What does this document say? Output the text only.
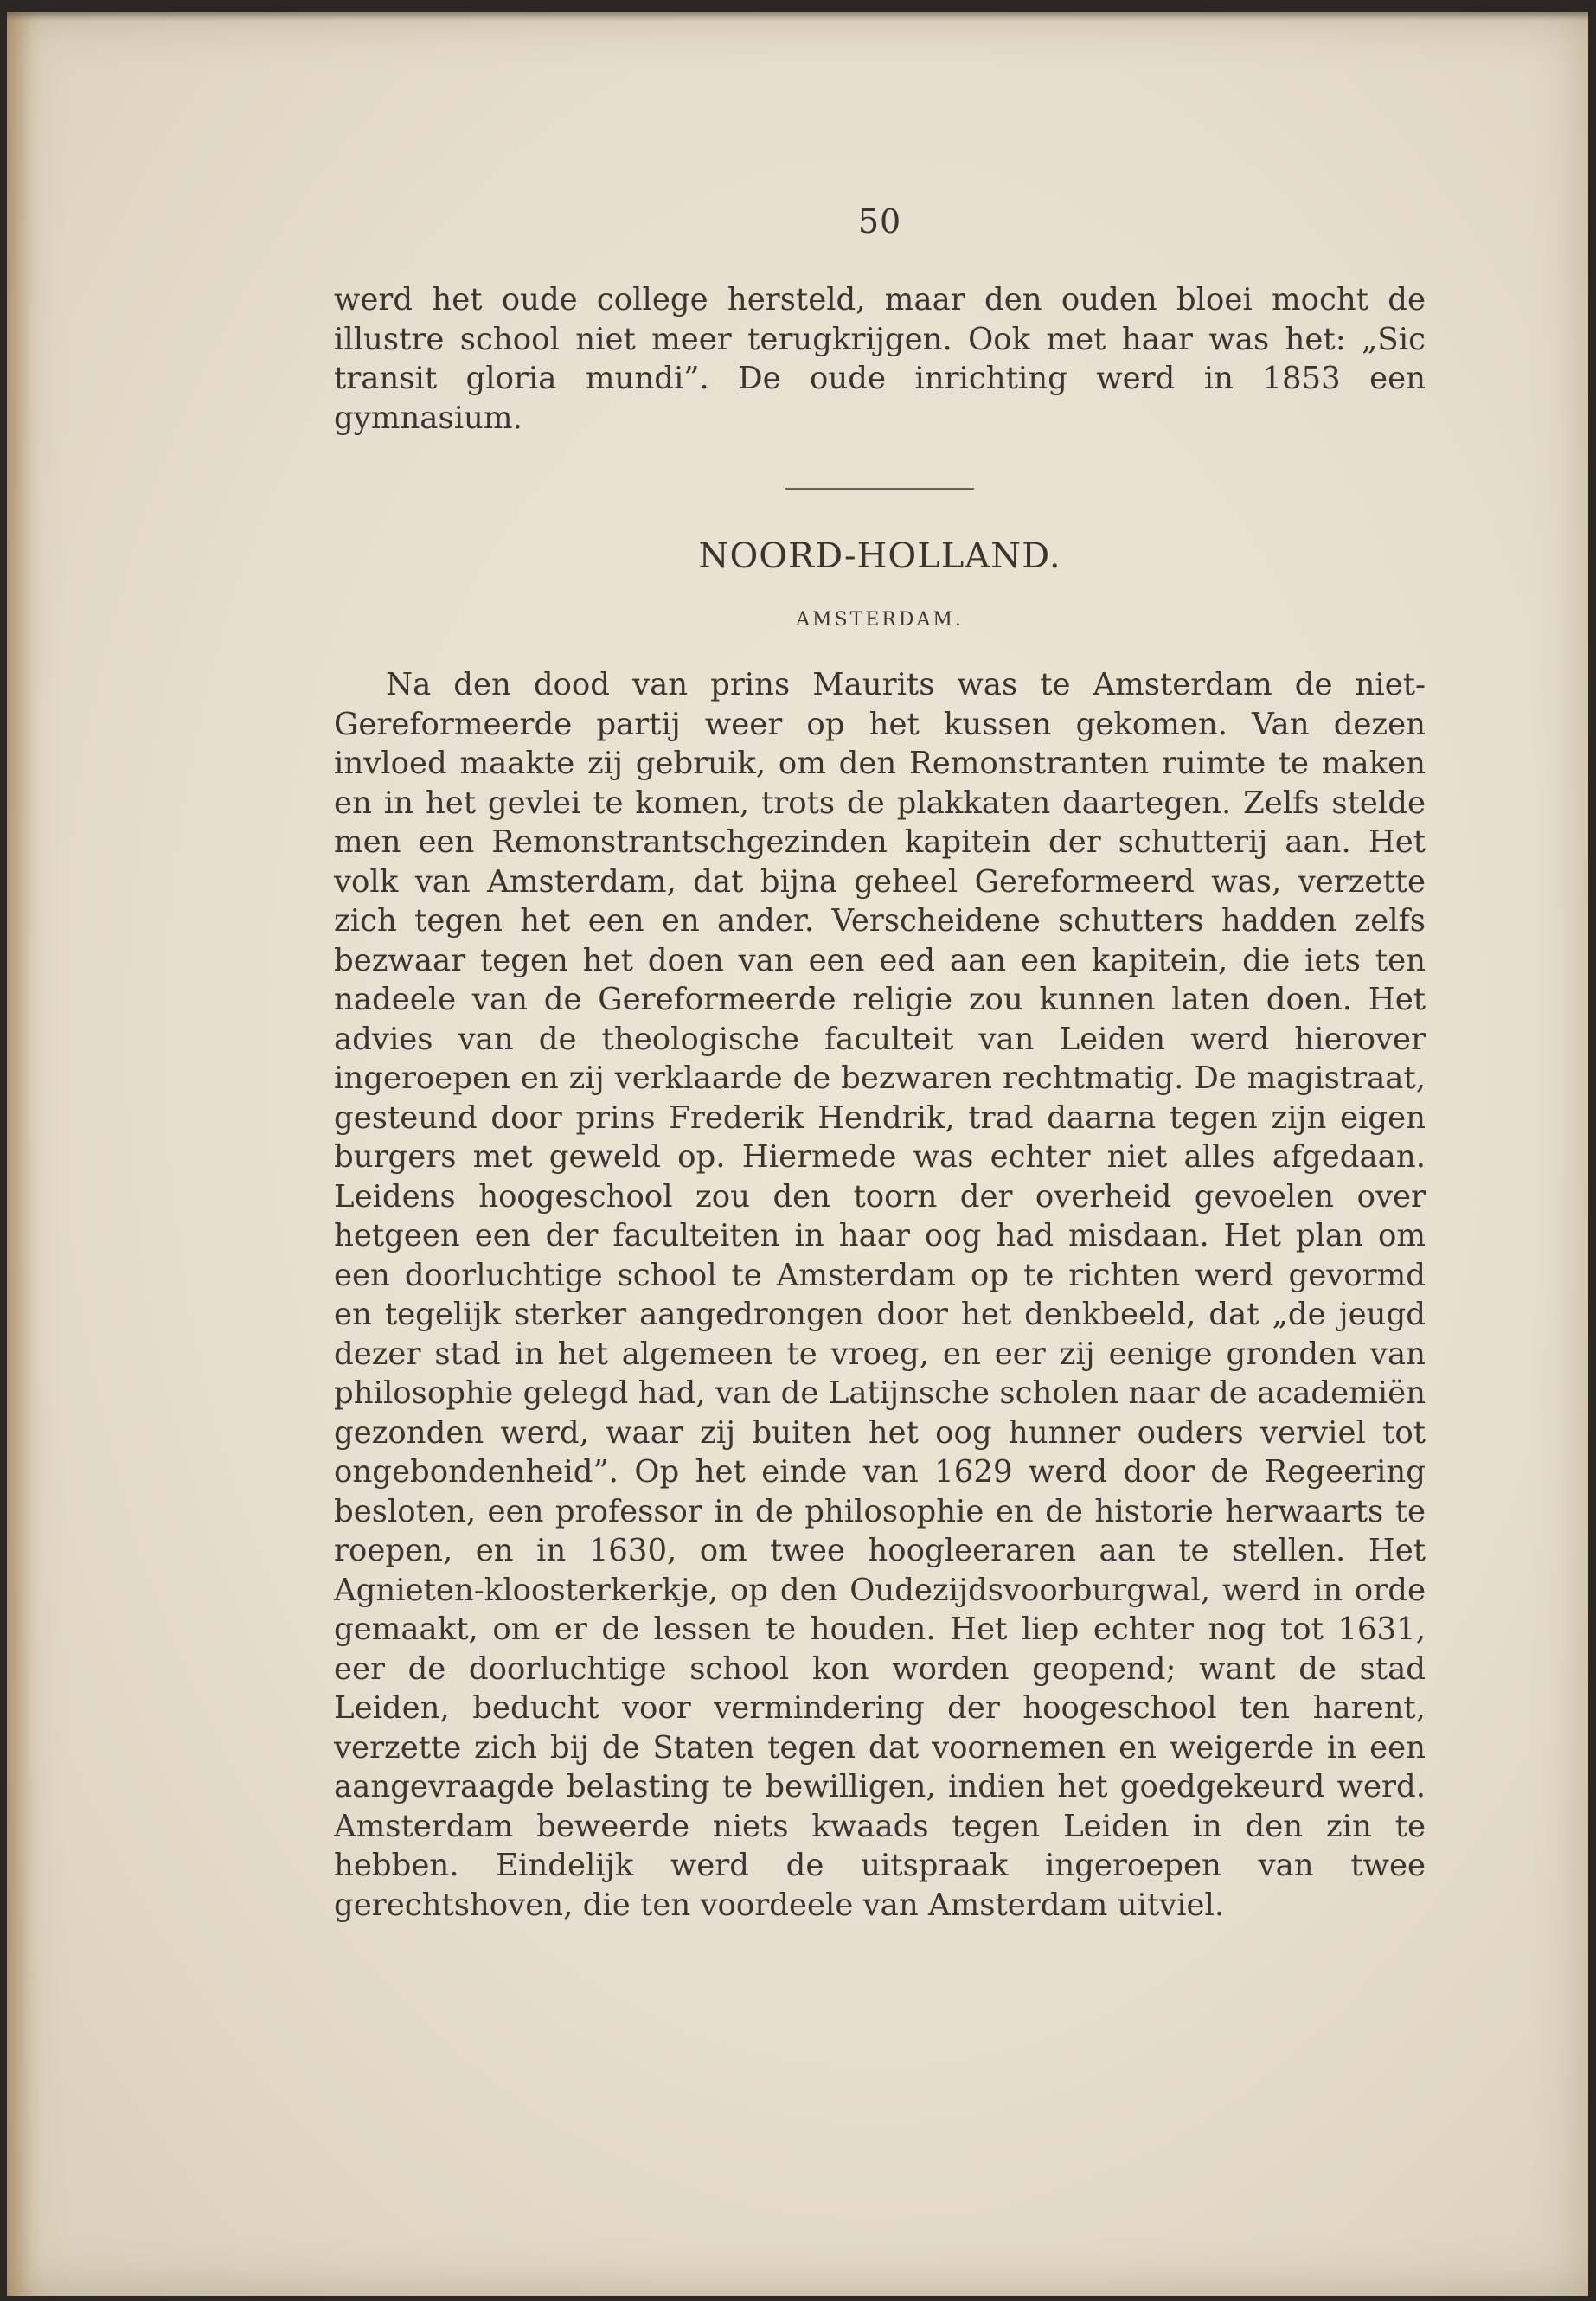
50

werd het oude college hersteld, maar den ouden bloei mocht de illustre school niet meer terugkrijgen. Ook met haar was het: „Sic transit gloria mundi”. De oude inrichting werd in 1853 een gymnasium.

NOORD-HOLLAND.
AMSTERDAM.

Na den dood van prins Maurits was te Amsterdam de niet-Gereformeerde partij weer op het kussen gekomen. Van dezen invloed maakte zij gebruik, om den Remonstranten ruimte te maken en in het gevlei te komen, trots de plakkaten daartegen. Zelfs stelde men een Remonstrantschgezinden kapitein der schutterij aan. Het volk van Amsterdam, dat bijna geheel Gereformeerd was, verzette zich tegen het een en ander. Verscheidene schutters hadden zelfs bezwaar tegen het doen van een eed aan een kapitein, die iets ten nadeele van de Gereformeerde religie zou kunnen laten doen. Het advies van de theologische faculteit van Leiden werd hierover ingeroepen en zij verklaarde de bezwaren rechtmatig. De magistraat, gesteund door prins Frederik Hendrik, trad daarna tegen zijn eigen burgers met geweld op. Hiermede was echter niet alles afgedaan. Leidens hoogeschool zou den toorn der overheid gevoelen over hetgeen een der faculteiten in haar oog had misdaan. Het plan om een doorluchtige school te Amsterdam op te richten werd gevormd en tegelijk sterker aangedrongen door het denkbeeld, dat „de jeugd dezer stad in het algemeen te vroeg, en eer zij eenige gronden van philosophie gelegd had, van de Latijnsche scholen naar de academiën gezonden werd, waar zij buiten het oog hunner ouders verviel tot ongebondenheid”. Op het einde van 1629 werd door de Regeering besloten, een professor in de philosophie en de historie herwaarts te roepen, en in 1630, om twee hoogleeraren aan te stellen. Het Agnieten-kloosterkerkje, op den Oudezijdsvoorburgwal, werd in orde gemaakt, om er de lessen te houden. Het liep echter nog tot 1631, eer de doorluchtige school kon worden geopend; want de stad Leiden, beducht voor vermindering der hoogeschool ten harent, verzette zich bij de Staten tegen dat voornemen en weigerde in een aangevraagde belasting te bewilligen, indien het goedgekeurd werd. Amsterdam beweerde niets kwaads tegen Leiden in den zin te hebben. Eindelijk werd de uitspraak ingeroepen van twee gerechtshoven, die ten voordeele van Amsterdam uitviel.
